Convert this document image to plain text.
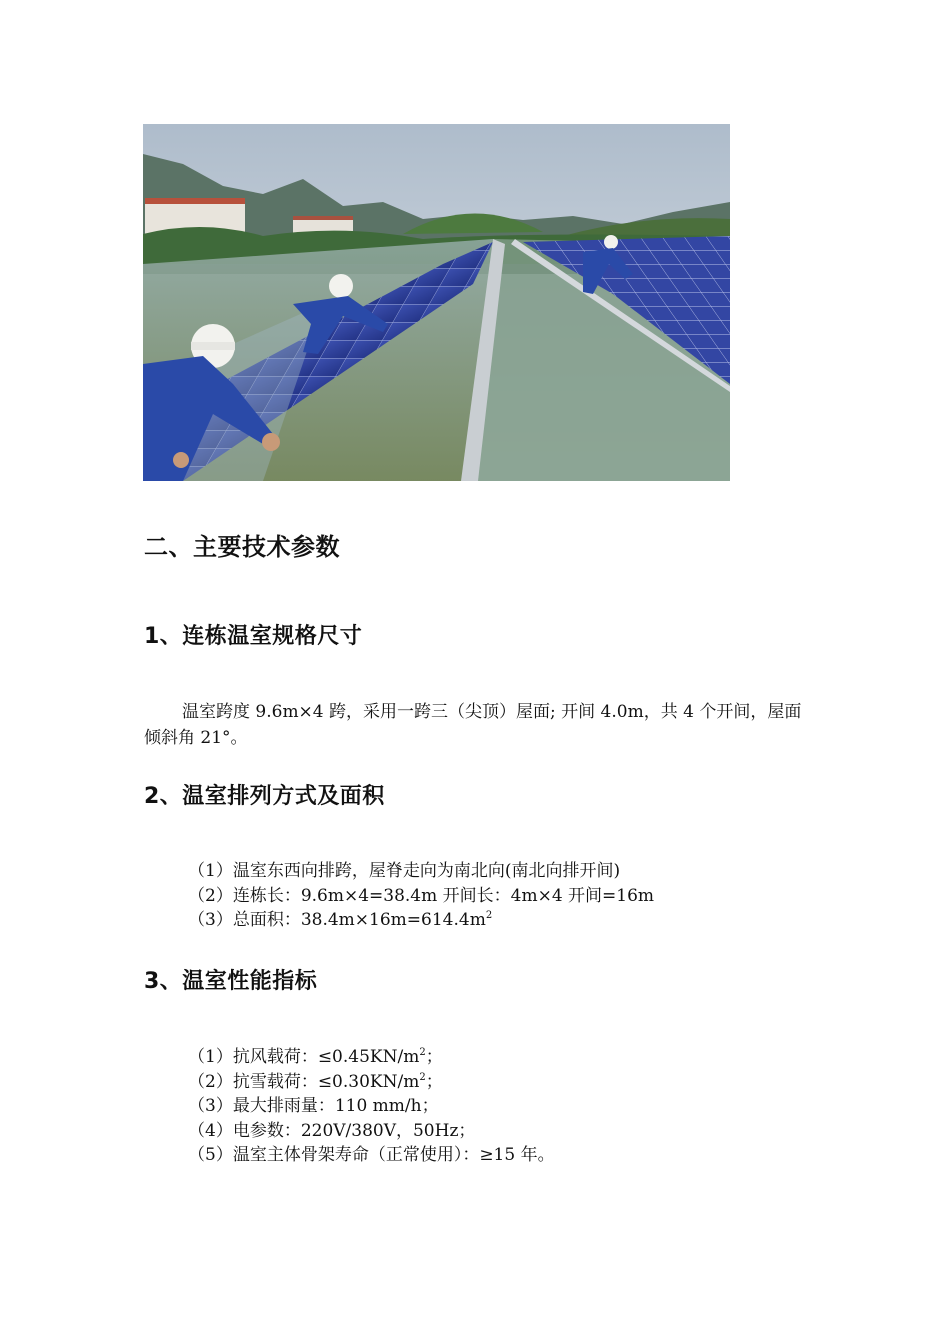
二、主要技术参数
1、连栋温室规格尺寸
温室跨度 9.6m×4 跨，采用一跨三（尖顶）屋面; 开间 4.0m，共 4 个开间，屋面倾斜角 21°。
2、温室排列方式及面积
（1）温室东西向排跨，屋脊走向为南北向(南北向排开间)
（2）连栋长：9.6m×4=38.4m 开间长：4m×4 开间=16m
（3）总面积：$38.4m\times 16m=614.4m^2$
3、温室性能指标
（1）抗风载荷：$\le 0.45KN/m^2$；
（2）抗雪载荷：$\le 0.30KN/m^2$；
（3）最大排雨量：110 mm/h；
（4）电参数：220V/380V，50Hz；
（5）温室主体骨架寿命（正常使用）：≥15 年。
